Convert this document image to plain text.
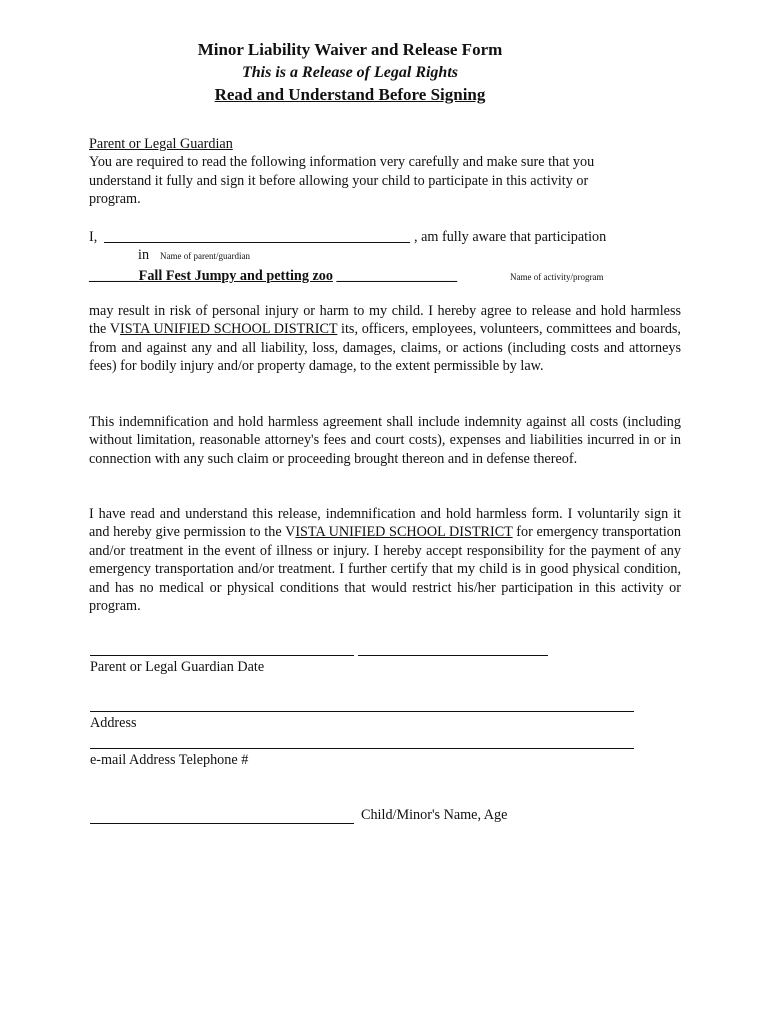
Minor Liability Waiver and Release Form
This is a Release of Legal Rights
Read and Understand Before Signing
Parent or Legal Guardian
You are required to read the following information very carefully and make sure that you
understand it fully and sign it before allowing your child to participate in this activity or
program.
I,	, am fully aware that participation
in Name of parent/guardian
_______Fall Fest Jumpy and petting zoo _________________	Name of activity/program
may result in risk of personal injury or harm to my child. I hereby agree to release and hold harmless the VISTA UNIFIED SCHOOL DISTRICT its, officers, employees, volunteers, committees and boards, from and against any and all liability, loss, damages, claims, or actions (including costs and attorneys fees) for bodily injury and/or property damage, to the extent permissible by law.
This indemnification and hold harmless agreement shall include indemnity against all costs (including without limitation, reasonable attorney's fees and court costs), expenses and liabilities incurred in or in connection with any such claim or proceeding brought thereon and in defense thereof.
I have read and understand this release, indemnification and hold harmless form. I voluntarily sign it and hereby give permission to the VISTA UNIFIED SCHOOL DISTRICT for emergency transportation and/or treatment in the event of illness or injury. I hereby accept responsibility for the payment of any emergency transportation and/or treatment. I further certify that my child is in good physical condition, and has no medical or physical conditions that would restrict his/her participation in this activity or program.
Parent or Legal Guardian Date
Address
e-mail Address Telephone #
Child/Minor's Name, Age
